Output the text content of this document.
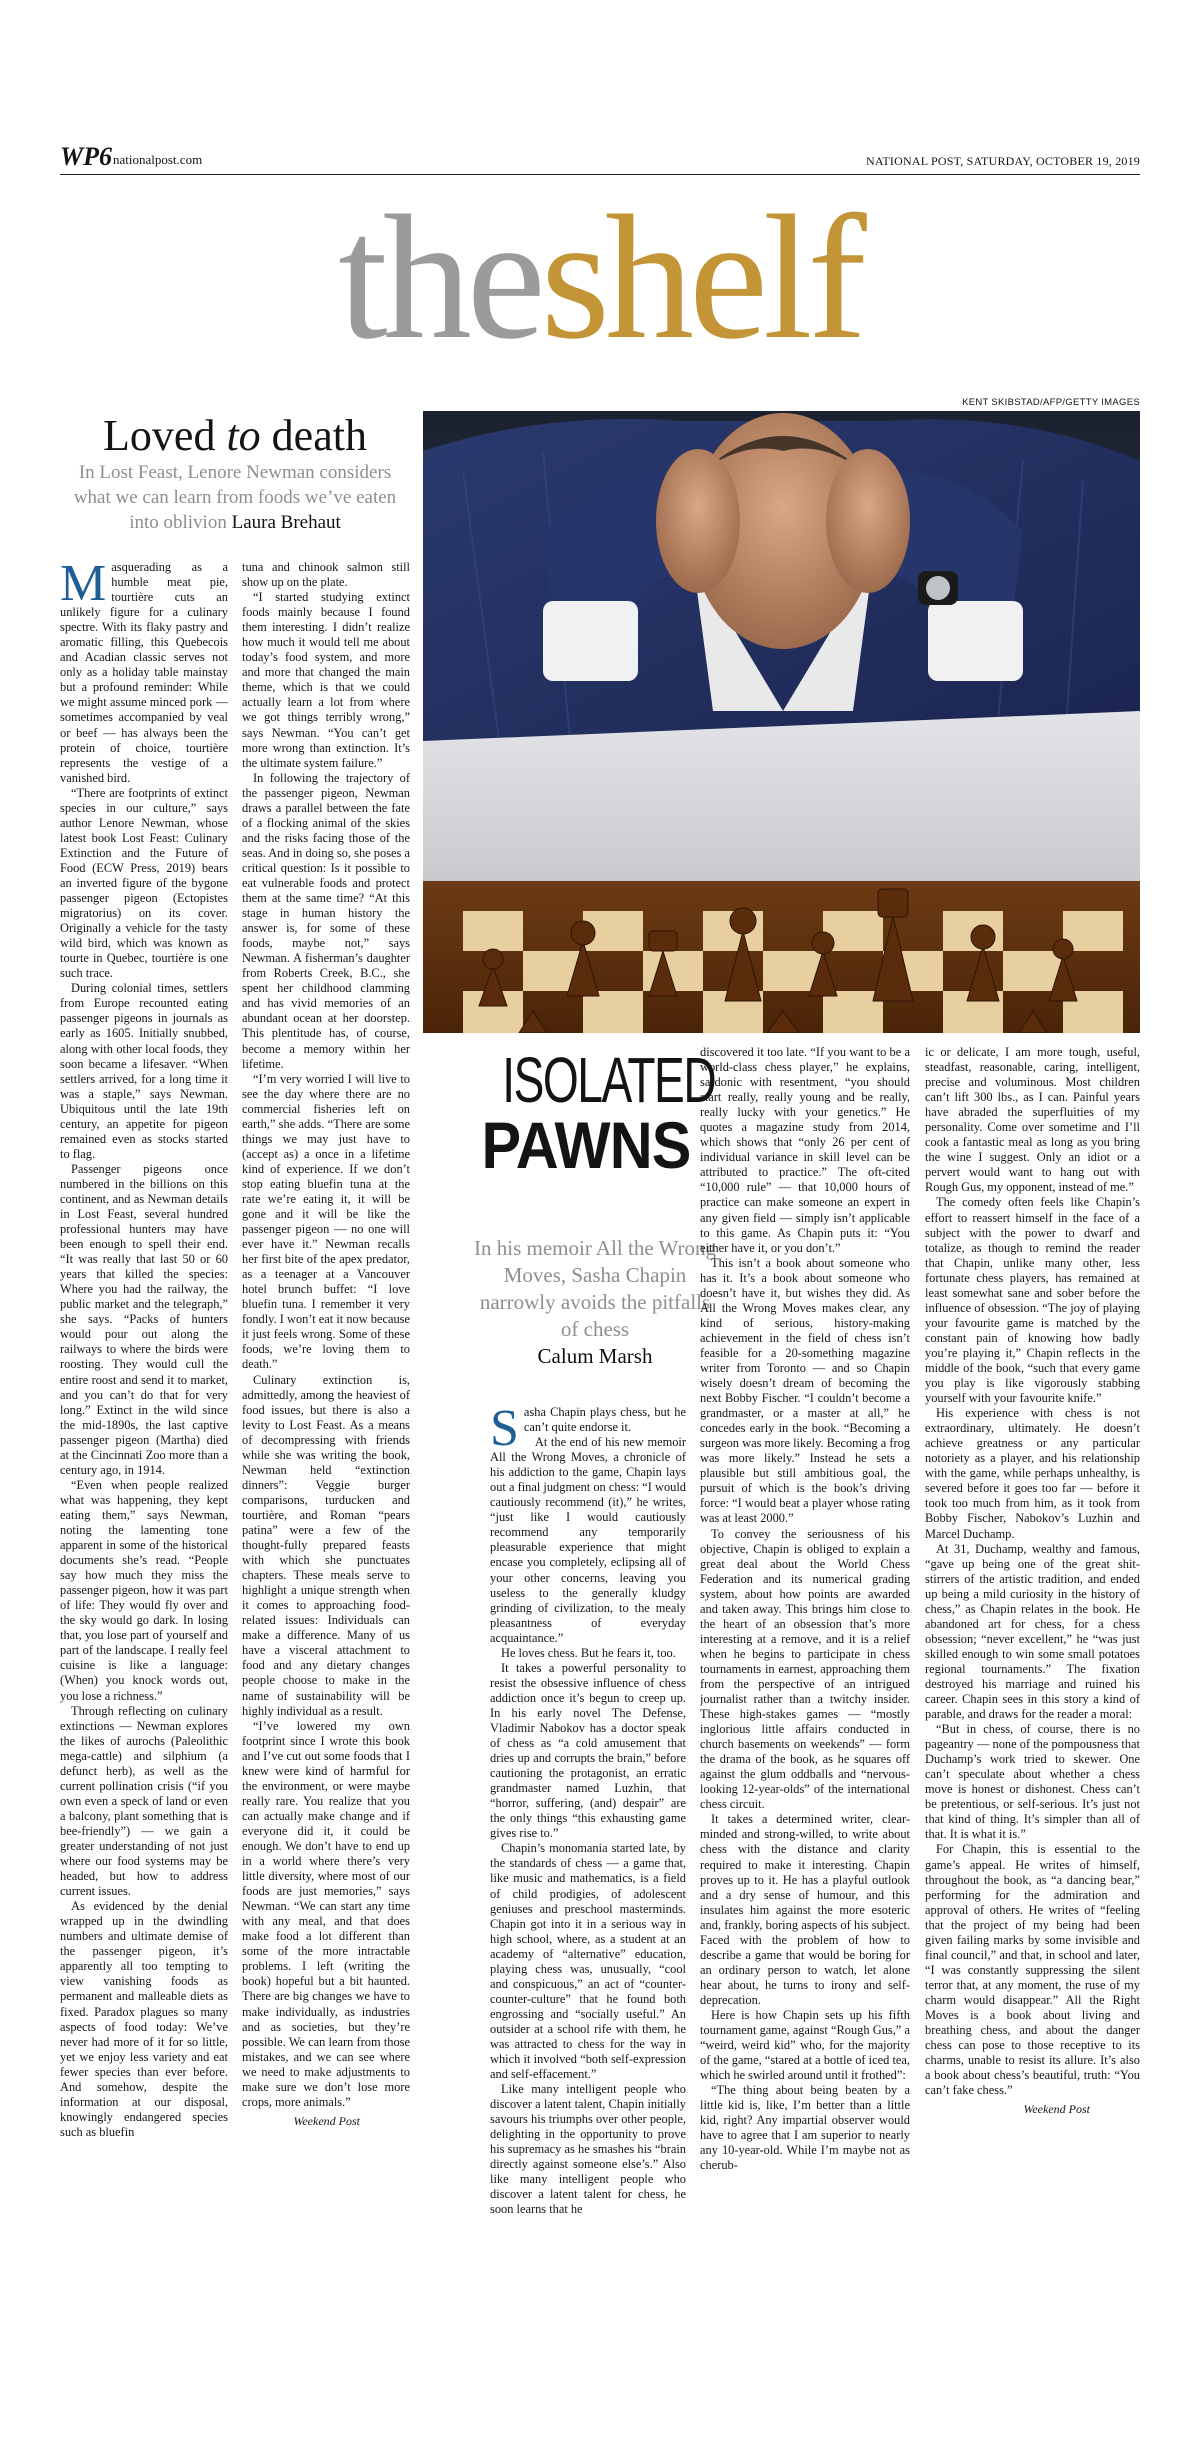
WP6 nationalpost.com	NATIONAL POST, SATURDAY, OCTOBER 19, 2019
theshelf
KENT SKIBSTAD/AFP/GETTY IMAGES
Loved to death
In Lost Feast, Lenore Newman considers what we can learn from foods we’ve eaten into oblivion Laura Brehaut

Masquerading as a humble meat pie, tourtière cuts an unlikely figure for a culinary spectre. With its flaky pastry and aromatic filling, this Quebecois and Acadian classic serves not only as a holiday table mainstay but a profound reminder: While we might assume minced pork — sometimes accompanied by veal or beef — has always been the protein of choice, tourtière represents the vestige of a vanished bird.

“There are footprints of extinct species in our culture,” says author Lenore Newman, whose latest book Lost Feast: Culinary Extinction and the Future of Food (ECW Press, 2019) bears an inverted figure of the bygone passenger pigeon (Ectopistes migratorius) on its cover. Originally a vehicle for the tasty wild bird, which was known as tourte in Quebec, tourtière is one such trace.

During colonial times, settlers from Europe recounted eating passenger pigeons in journals as early as 1605. Initially snubbed, along with other local foods, they soon became a lifesaver. “When settlers arrived, for a long time it was a staple,” says Newman. Ubiquitous until the late 19th century, an appetite for pigeon remained even as stocks started to flag.

Passenger pigeons once numbered in the billions on this continent, and as Newman details in Lost Feast, several hundred professional hunters may have been enough to spell their end. “It was really that last 50 or 60 years that killed the species: Where you had the railway, the public market and the telegraph,” she says. “Packs of hunters would pour out along the railways to where the birds were roosting. They would cull the entire roost and send it to market, and you can’t do that for very long.” Extinct in the wild since the mid-1890s, the last captive passenger pigeon (Martha) died at the Cincinnati Zoo more than a century ago, in 1914.

“Even when people realized what was happening, they kept eating them,” says Newman, noting the lamenting tone apparent in some of the historical documents she’s read. “People say how much they miss the passenger pigeon, how it was part of life: They would fly over and the sky would go dark. In losing that, you lose part of yourself and part of the landscape. I really feel cuisine is like a language: (When) you knock words out, you lose a richness.”

Through reflecting on culinary extinctions — Newman explores the likes of aurochs (Paleolithic mega-cattle) and silphium (a defunct herb), as well as the current pollination crisis (“if you own even a speck of land or even a balcony, plant something that is bee-friendly”) — we gain a greater understanding of not just where our food systems may be headed, but how to address current issues.

As evidenced by the denial wrapped up in the dwindling numbers and ultimate demise of the passenger pigeon, it’s apparently all too tempting to view vanishing foods as permanent and malleable diets as fixed. Paradox plagues so many aspects of food today: We’ve never had more of it for so little, yet we enjoy less variety and eat fewer species than ever before. And somehow, despite the information at our disposal, knowingly endangered species such as bluefin

tuna and chinook salmon still show up on the plate.

“I started studying extinct foods mainly because I found them interesting. I didn’t realize how much it would tell me about today’s food system, and more and more that changed the main theme, which is that we could actually learn a lot from where we got things terribly wrong,” says Newman. “You can’t get more wrong than extinction. It’s the ultimate system failure.”

In following the trajectory of the passenger pigeon, Newman draws a parallel between the fate of a flocking animal of the skies and the risks facing those of the seas. And in doing so, she poses a critical question: Is it possible to eat vulnerable foods and protect them at the same time? “At this stage in human history the answer is, for some of these foods, maybe not,” says Newman. A fisherman’s daughter from Roberts Creek, B.C., she spent her childhood clamming and has vivid memories of an abundant ocean at her doorstep. This plentitude has, of course, become a memory within her lifetime.

“I’m very worried I will live to see the day where there are no commercial fisheries left on earth,” she adds. “There are some things we may just have to (accept as) a once in a lifetime kind of experience. If we don’t stop eating bluefin tuna at the rate we’re eating it, it will be gone and it will be like the passenger pigeon — no one will ever have it.” Newman recalls her first bite of the apex predator, as a teenager at a Vancouver hotel brunch buffet: “I love bluefin tuna. I remember it very fondly. I won’t eat it now because it just feels wrong. Some of these foods, we’re loving them to death.”

Culinary extinction is, admittedly, among the heaviest of food issues, but there is also a levity to Lost Feast. As a means of decompressing with friends while she was writing the book, Newman held “extinction dinners”: Veggie burger comparisons, turducken and tourtière, and Roman “pears patina” were a few of the thought-fully prepared feasts with which she punctuates chapters. These meals serve to highlight a unique strength when it comes to approaching food-related issues: Individuals can make a difference. Many of us have a visceral attachment to food and any dietary changes people choose to make in the name of sustainability will be highly individual as a result.

“I’ve lowered my own footprint since I wrote this book and I’ve cut out some foods that I knew were kind of harmful for the environment, or were maybe really rare. You realize that you can actually make change and if everyone did it, it could be enough. We don’t have to end up in a world where there’s very little diversity, where most of our foods are just memories,” says Newman. “We can start any time with any meal, and that does make food a lot different than some of the more intractable problems. I left (writing the book) hopeful but a bit haunted. There are big changes we have to make individually, as industries and as societies, but they’re possible. We can learn from those mistakes, and we can see where we need to make adjustments to make sure we don’t lose more crops, more animals.”

Weekend Post
ISOLATED
PAWNS
In his memoir All the Wrong Moves, Sasha Chapin narrowly avoids the pitfalls of chess
Calum Marsh

Sasha Chapin plays chess, but he can’t quite endorse it.

At the end of his new memoir All the Wrong Moves, a chronicle of his addiction to the game, Chapin lays out a final judgment on chess: “I would cautiously recommend (it),” he writes, “just like I would cautiously recommend any temporarily pleasurable experience that might encase you completely, eclipsing all of your other concerns, leaving you useless to the generally kludgy grinding of civilization, to the mealy pleasantness of everyday acquaintance.”

He loves chess. But he fears it, too.

It takes a powerful personality to resist the obsessive influence of chess addiction once it’s begun to creep up. In his early novel The Defense, Vladimir Nabokov has a doctor speak of chess as “a cold amusement that dries up and corrupts the brain,” before cautioning the protagonist, an erratic grandmaster named Luzhin, that “horror, suffering, (and) despair” are the only things “this exhausting game gives rise to.”

Chapin’s monomania started late, by the standards of chess — a game that, like music and mathematics, is a field of child prodigies, of adolescent geniuses and preschool masterminds. Chapin got into it in a serious way in high school, where, as a student at an academy of “alternative” education, playing chess was, unusually, “cool and conspicuous,” an act of “counter-counter-culture” that he found both engrossing and “socially useful.” An outsider at a school rife with them, he was attracted to chess for the way in which it involved “both self-expression and self-effacement.”

Like many intelligent people who discover a latent talent, Chapin initially savours his triumphs over other people, delighting in the opportunity to prove his supremacy as he smashes his “brain directly against someone else’s.” Also like many intelligent people who discover a latent talent for chess, he soon learns that he

discovered it too late. “If you want to be a world-class chess player,” he explains, sardonic with resentment, “you should start really, really young and be really, really lucky with your genetics.” He quotes a magazine study from 2014, which shows that “only 26 per cent of individual variance in skill level can be attributed to practice.” The oft-cited “10,000 rule” — that 10,000 hours of practice can make someone an expert in any given field — simply isn’t applicable to this game. As Chapin puts it: “You either have it, or you don’t.”

This isn’t a book about someone who has it. It’s a book about someone who doesn’t have it, but wishes they did. As All the Wrong Moves makes clear, any kind of serious, history-making achievement in the field of chess isn’t feasible for a 20-something magazine writer from Toronto — and so Chapin wisely doesn’t dream of becoming the next Bobby Fischer. “I couldn’t become a grandmaster, or a master at all,” he concedes early in the book. “Becoming a surgeon was more likely. Becoming a frog was more likely.” Instead he sets a plausible but still ambitious goal, the pursuit of which is the book’s driving force: “I would beat a player whose rating was at least 2000.”

To convey the seriousness of his objective, Chapin is obliged to explain a great deal about the World Chess Federation and its numerical grading system, about how points are awarded and taken away. This brings him close to the heart of an obsession that’s more interesting at a remove, and it is a relief when he begins to participate in chess tournaments in earnest, approaching them from the perspective of an intrigued journalist rather than a twitchy insider. These high-stakes games — “mostly inglorious little affairs conducted in church basements on weekends” — form the drama of the book, as he squares off against the glum oddballs and “nervous-looking 12-year-olds” of the international chess circuit.

It takes a determined writer, clear-minded and strong-willed, to write about chess with the distance and clarity required to make it interesting. Chapin proves up to it. He has a playful outlook and a dry sense of humour, and this insulates him against the more esoteric and, frankly, boring aspects of his subject. Faced with the problem of how to describe a game that would be boring for an ordinary person to watch, let alone hear about, he turns to irony and self-deprecation.

Here is how Chapin sets up his fifth tournament game, against “Rough Gus,” a “weird, weird kid” who, for the majority of the game, “stared at a bottle of iced tea, which he swirled around until it frothed”:

“The thing about being beaten by a little kid is, like, I’m better than a little kid, right? Any impartial observer would have to agree that I am superior to nearly any 10-year-old. While I’m maybe not as cherub-

ic or delicate, I am more tough, useful, steadfast, reasonable, caring, intelligent, precise and voluminous. Most children can’t lift 300 lbs., as I can. Painful years have abraded the superfluities of my personality. Come over sometime and I’ll cook a fantastic meal as long as you bring the wine I suggest. Only an idiot or a pervert would want to hang out with Rough Gus, my opponent, instead of me.”

The comedy often feels like Chapin’s effort to reassert himself in the face of a subject with the power to dwarf and totalize, as though to remind the reader that Chapin, unlike many other, less fortunate chess players, has remained at least somewhat sane and sober before the influence of obsession. “The joy of playing your favourite game is matched by the constant pain of knowing how badly you’re playing it,” Chapin reflects in the middle of the book, “such that every game you play is like vigorously stabbing yourself with your favourite knife.”

His experience with chess is not extraordinary, ultimately. He doesn’t achieve greatness or any particular notoriety as a player, and his relationship with the game, while perhaps unhealthy, is severed before it goes too far — before it took too much from him, as it took from Bobby Fischer, Nabokov’s Luzhin and Marcel Duchamp.

At 31, Duchamp, wealthy and famous, “gave up being one of the great shit-stirrers of the artistic tradition, and ended up being a mild curiosity in the history of chess,” as Chapin relates in the book. He abandoned art for chess, for a chess obsession; “never excellent,” he “was just skilled enough to win some small potatoes regional tournaments.” The fixation destroyed his marriage and ruined his career. Chapin sees in this story a kind of parable, and draws for the reader a moral:

“But in chess, of course, there is no pageantry — none of the pompousness that Duchamp’s work tried to skewer. One can’t speculate about whether a chess move is honest or dishonest. Chess can’t be pretentious, or self-serious. It’s just not that kind of thing. It’s simpler than all of that. It is what it is.”

For Chapin, this is essential to the game’s appeal. He writes of himself, throughout the book, as “a dancing bear,” performing for the admiration and approval of others. He writes of “feeling that the project of my being had been given failing marks by some invisible and final council,” and that, in school and later, “I was constantly suppressing the silent terror that, at any moment, the ruse of my charm would disappear.” All the Right Moves is a book about living and breathing chess, and about the danger chess can pose to those receptive to its charms, unable to resist its allure. It’s also a book about chess’s beautiful, truth: “You can’t fake chess.”

Weekend Post
